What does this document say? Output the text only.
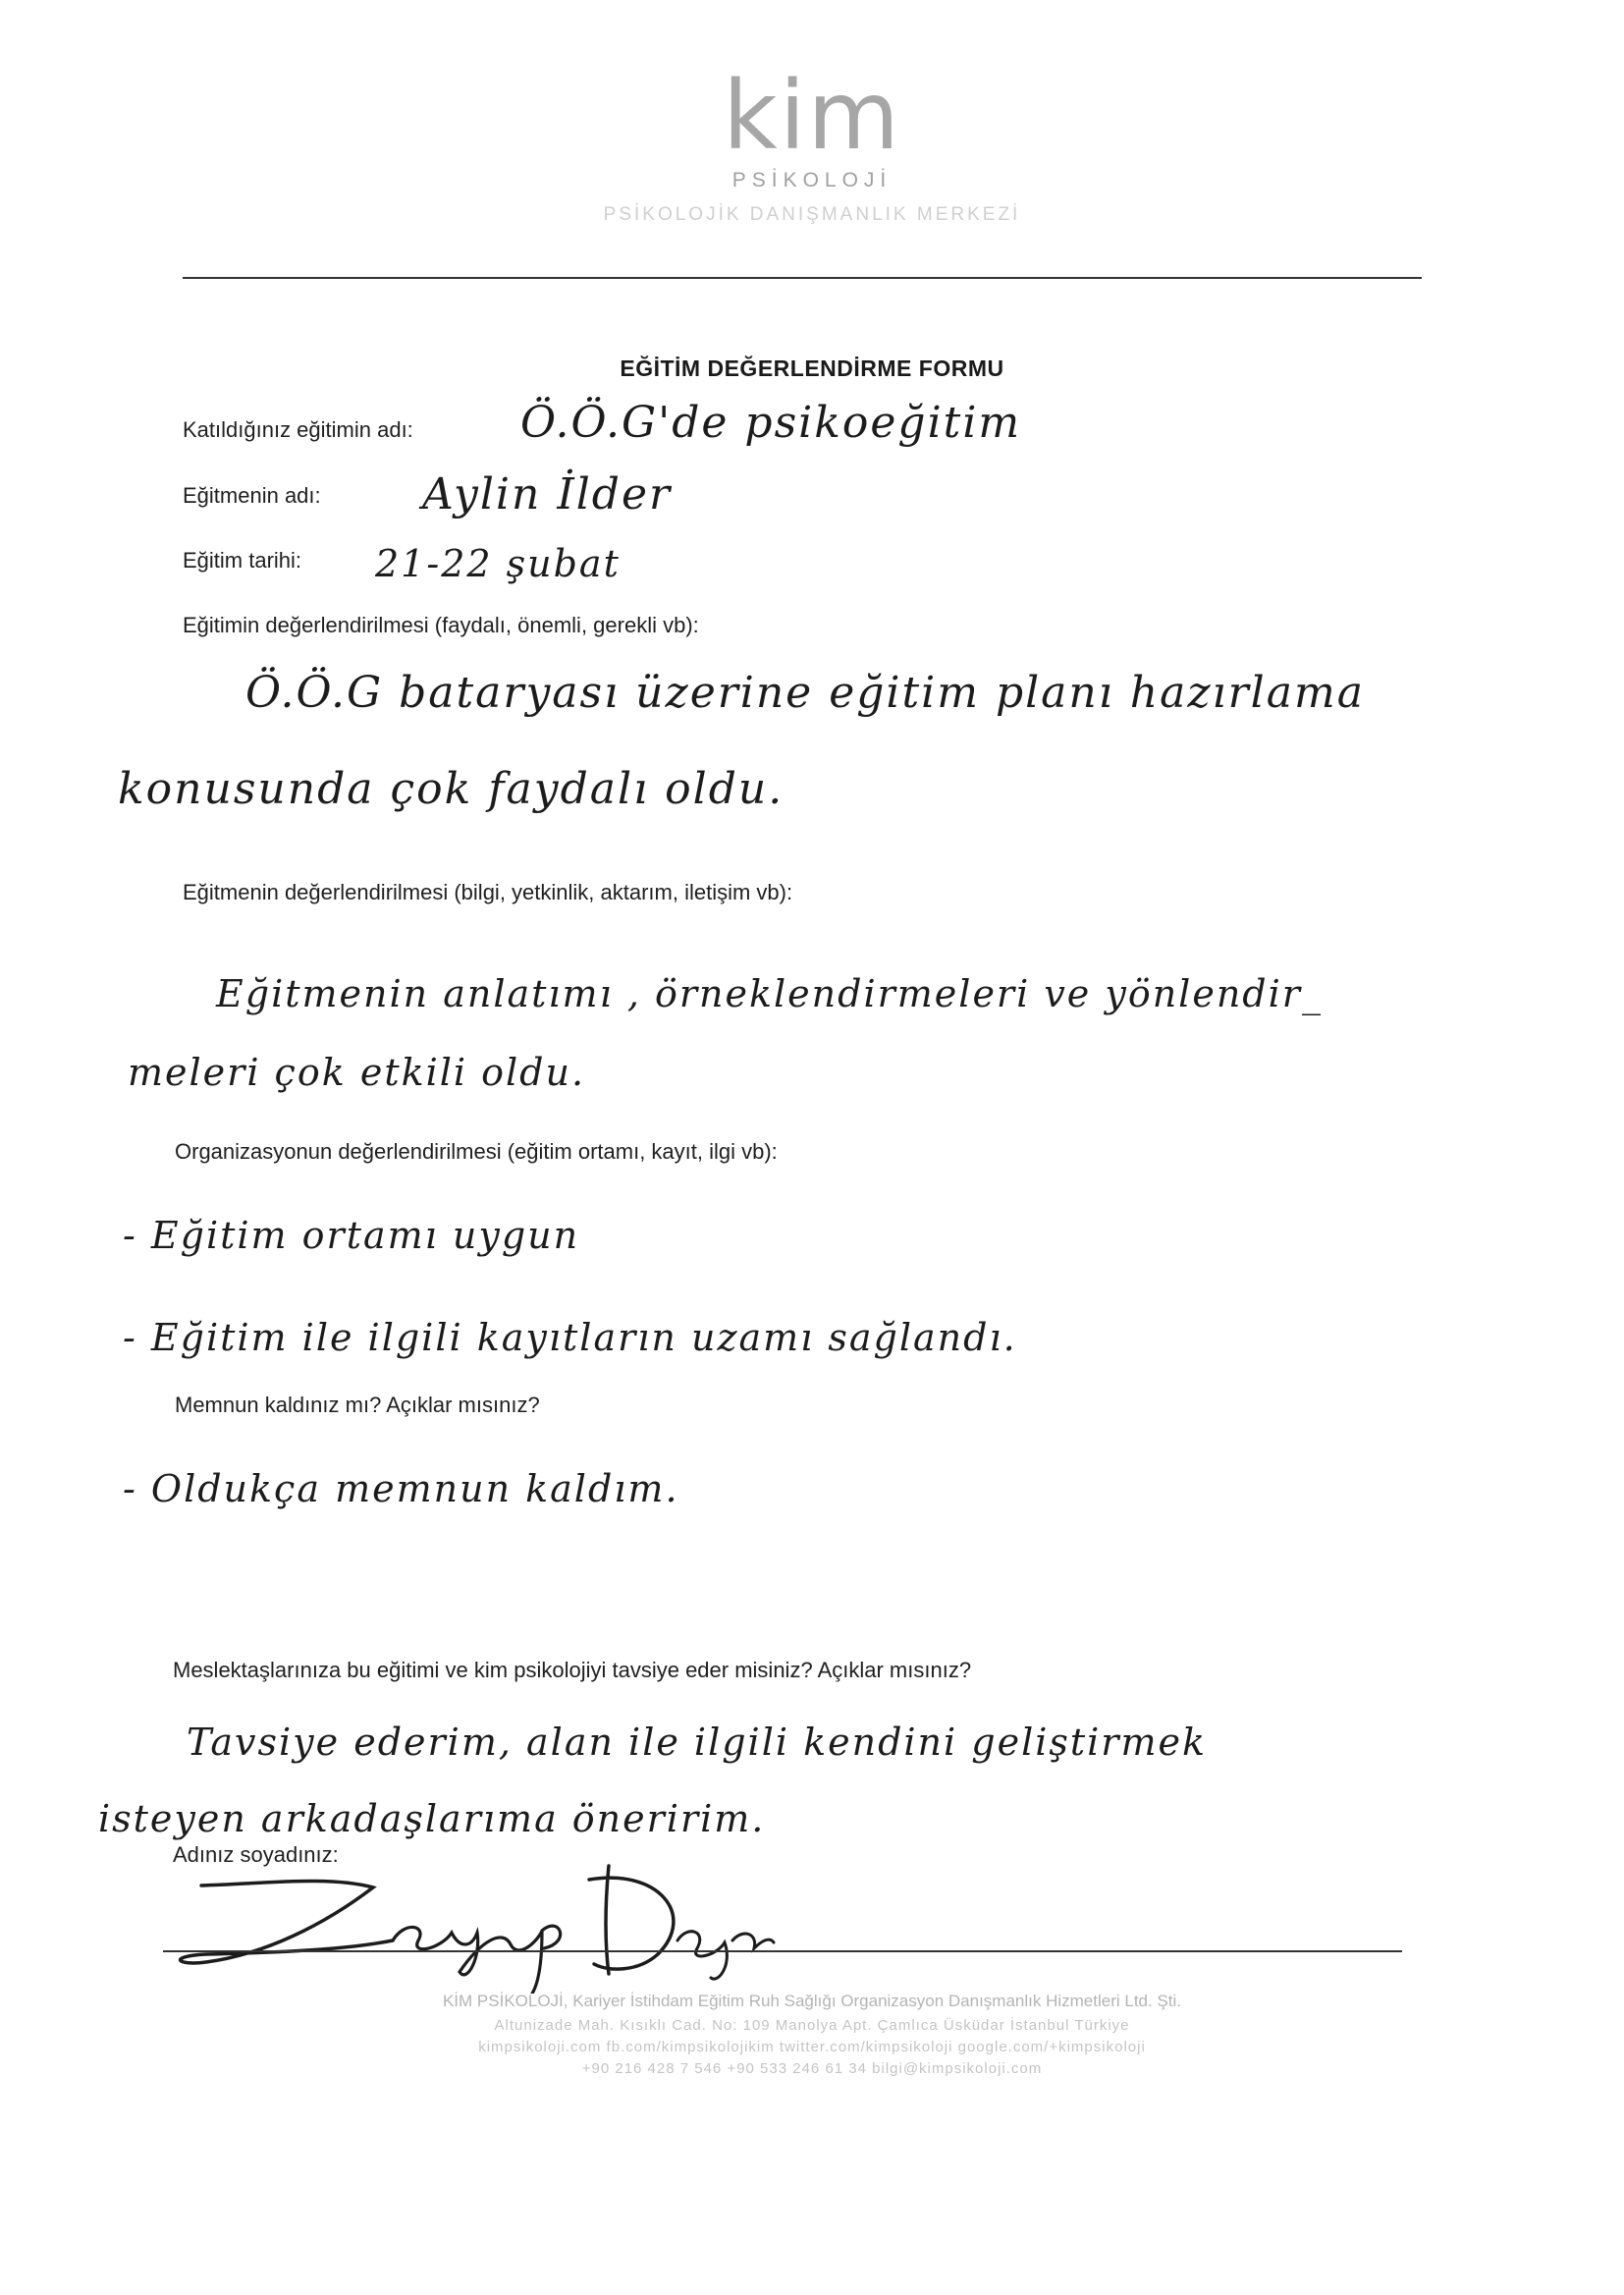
kim
PSİKOLOJİ
PSİKOLOJİK DANIŞMANLIK MERKEZİ
EĞİTİM DEĞERLENDİRME FORMU
Katıldığınız eğitimin adı: Ö.Ö.G'de psikoeğitim
Eğitmenin adı: Aylin İlder
Eğitim tarihi: 21-22 şubat
Eğitimin değerlendirilmesi (faydalı, önemli, gerekli vb):
Ö.Ö.G bataryası üzerine eğitim planı hazırlama
konusunda çok faydalı oldu.
Eğitmenin değerlendirilmesi (bilgi, yetkinlik, aktarım, iletişim vb):
Eğitmenin anlatımı , örneklendirmeleri ve yönlendir_
meleri çok etkili oldu.
Organizasyonun değerlendirilmesi (eğitim ortamı, kayıt, ilgi vb):
- Eğitim ortamı uygun
- Eğitim ile ilgili kayıtların uzamı sağlandı.
Memnun kaldınız mı? Açıklar mısınız?
- Oldukça memnun kaldım.
Meslektaşlarınıza bu eğitimi ve kim psikolojiyi tavsiye eder misiniz? Açıklar mısınız?
Tavsiye ederim, alan ile ilgili kendini geliştirmek
isteyen arkadaşlarıma öneririm.
Adınız soyadınız:
KİM PSİKOLOJİ, Kariyer İstihdam Eğitim Ruh Sağlığı Organizasyon Danışmanlık Hizmetleri Ltd. Şti.
Altunizade Mah. Kısıklı Cad. No: 109 Manolya Apt. Çamlıca Üsküdar İstanbul Türkiye
kimpsikoloji.com fb.com/kimpsikolojikim twitter.com/kimpsikoloji google.com/+kimpsikoloji
+90 216 428 7 546 +90 533 246 61 34 bilgi@kimpsikoloji.com
